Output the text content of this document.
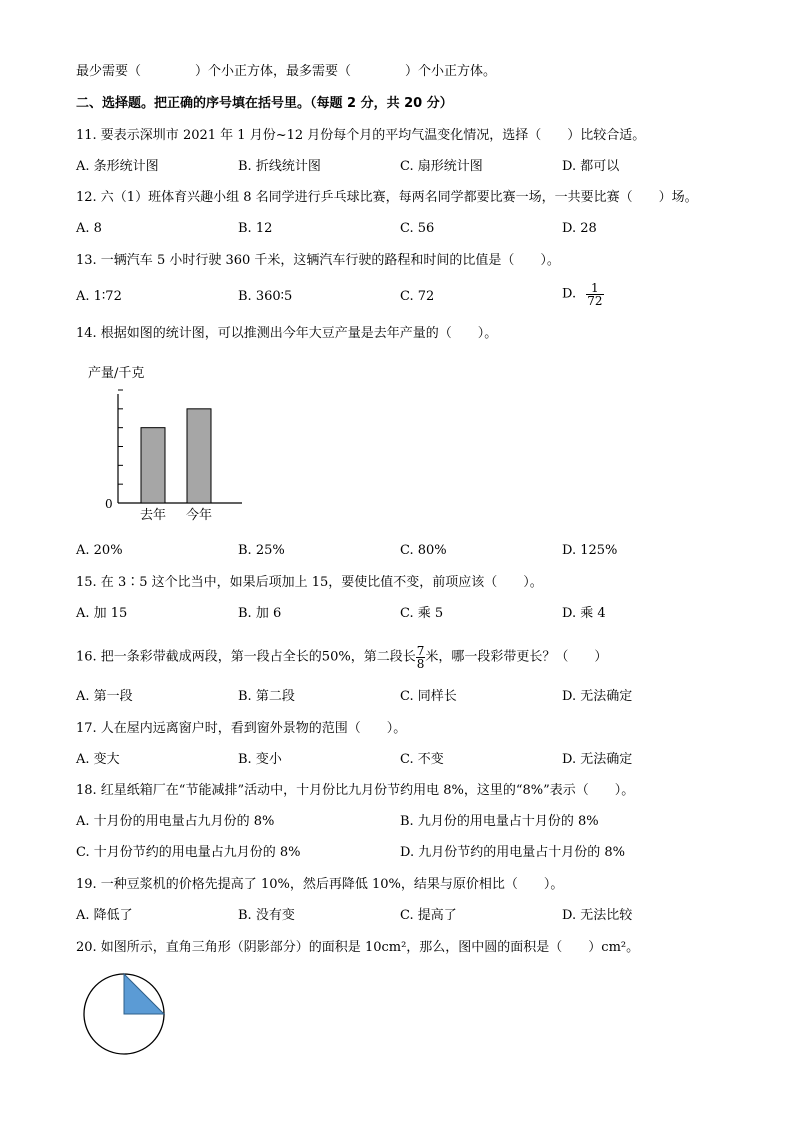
最少需要（	）个小正方体，最多需要（	）个小正方体。
二、选择题。把正确的序号填在括号里。（每题 2 分，共 20 分）
11. 要表示深圳市 2021 年 1 月份~12 月份每个月的平均气温变化情况，选择（　　）比较合适。
A. 条形统计图	B. 折线统计图	C. 扇形统计图	D. 都可以
12. 六（1）班体育兴趣小组 8 名同学进行乒乓球比赛，每两名同学都要比赛一场，一共要比赛（　　）场。
A. 8	B. 12	C. 56	D. 28
13. 一辆汽车 5 小时行驶 360 千米，这辆汽车行驶的路程和时间的比值是（　　）。
A. 1∶72	B. 360∶5	C. 72	D. $\frac{1}{72}$
14. 根据如图的统计图，可以推测出今年大豆产量是去年产量的（　　）。
产量/千克
去年 今年
0
A. 20%	B. 25%	C. 80%	D. 125%
15. 在 3∶5 这个比当中，如果后项加上 15，要使比值不变，前项应该（　　）。
A. 加 15	B. 加 6	C. 乘 5	D. 乘 4
16. 把一条彩带截成两段，第一段占全长的50%，第二段长 $\frac{7}{8}$ 米，哪一段彩带更长？（　　）
A. 第一段	B. 第二段	C. 同样长	D. 无法确定
17. 人在屋内远离窗户时，看到窗外景物的范围（　　）。
A. 变大	B. 变小	C. 不变	D. 无法确定
18. 红星纸箱厂在“节能减排”活动中，十月份比九月份节约用电 8%，这里的“8%”表示（　　）。
A. 十月份的用电量占九月份的 8%	B. 九月份的用电量占十月份的 8%
C. 十月份节约的用电量占九月份的 8%	D. 九月份节约的用电量占十月份的 8%
19. 一种豆浆机的价格先提高了 10%，然后再降低 10%，结果与原价相比（　　）。
A. 降低了	B. 没有变	C. 提高了	D. 无法比较
20. 如图所示，直角三角形（阴影部分）的面积是 10cm²，那么，图中圆的面积是（　　）cm²。
